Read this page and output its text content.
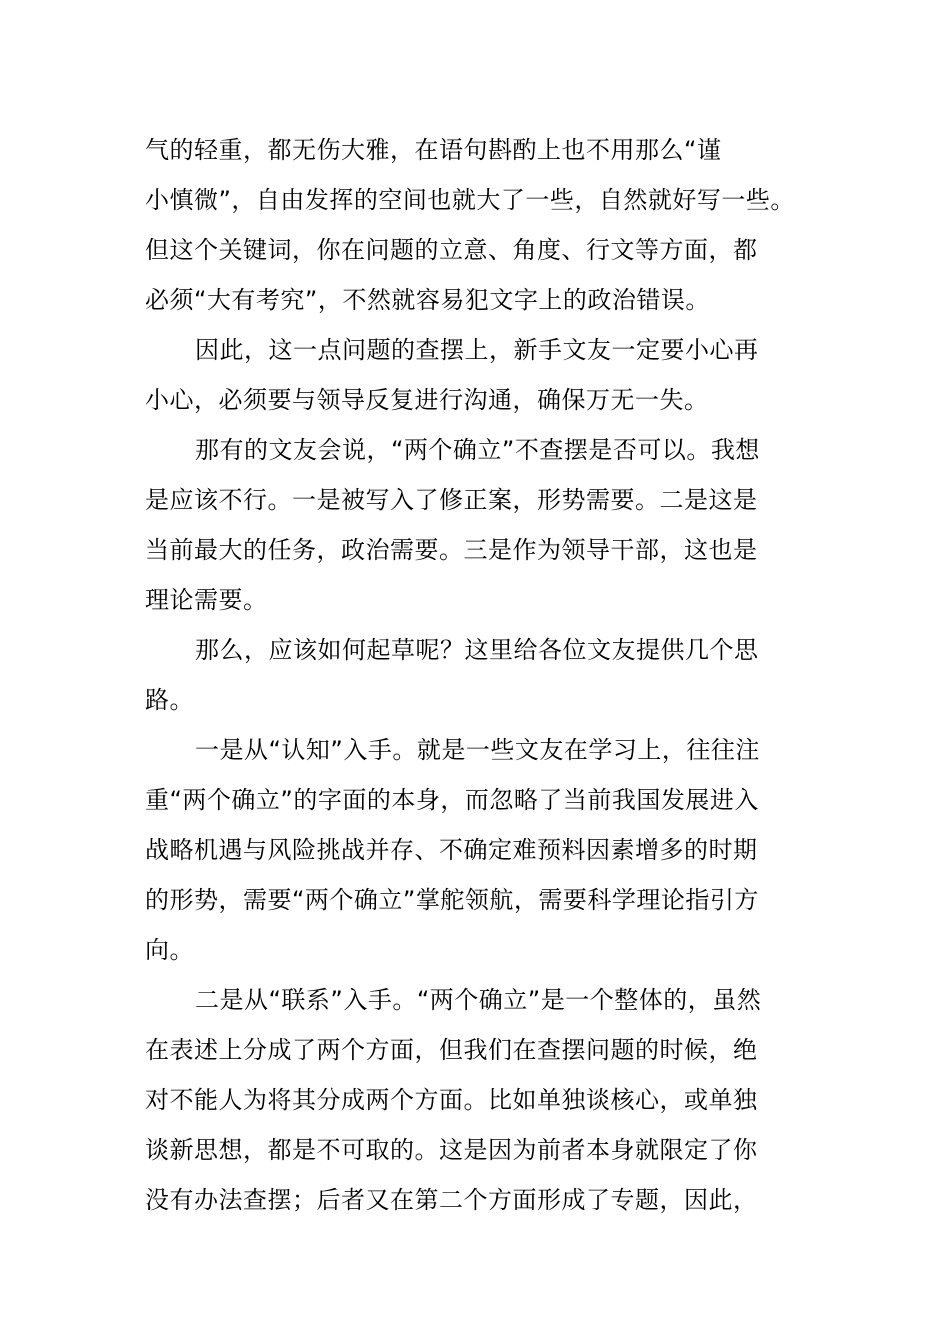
气的轻重，都无伤大雅，在语句斟酌上也不用那么“谨
小慎微”，自由发挥的空间也就大了一些，自然就好写一些。
但这个关键词，你在问题的立意、角度、行文等方面，都
必须“大有考究”，不然就容易犯文字上的政治错误。
因此，这一点问题的查摆上，新手文友一定要小心再
小心，必须要与领导反复进行沟通，确保万无一失。
那有的文友会说，“两个确立”不查摆是否可以。我想
是应该不行。一是被写入了修正案，形势需要。二是这是
当前最大的任务，政治需要。三是作为领导干部，这也是
理论需要。
那么，应该如何起草呢？这里给各位文友提供几个思
路。
一是从“认知”入手。就是一些文友在学习上，往往注
重“两个确立”的字面的本身，而忽略了当前我国发展进入
战略机遇与风险挑战并存、不确定难预料因素增多的时期
的形势，需要“两个确立”掌舵领航，需要科学理论指引方
向。
二是从“联系”入手。“两个确立”是一个整体的，虽然
在表述上分成了两个方面，但我们在查摆问题的时候，绝
对不能人为将其分成两个方面。比如单独谈核心，或单独
谈新思想，都是不可取的。这是因为前者本身就限定了你
没有办法查摆；后者又在第二个方面形成了专题，因此，
